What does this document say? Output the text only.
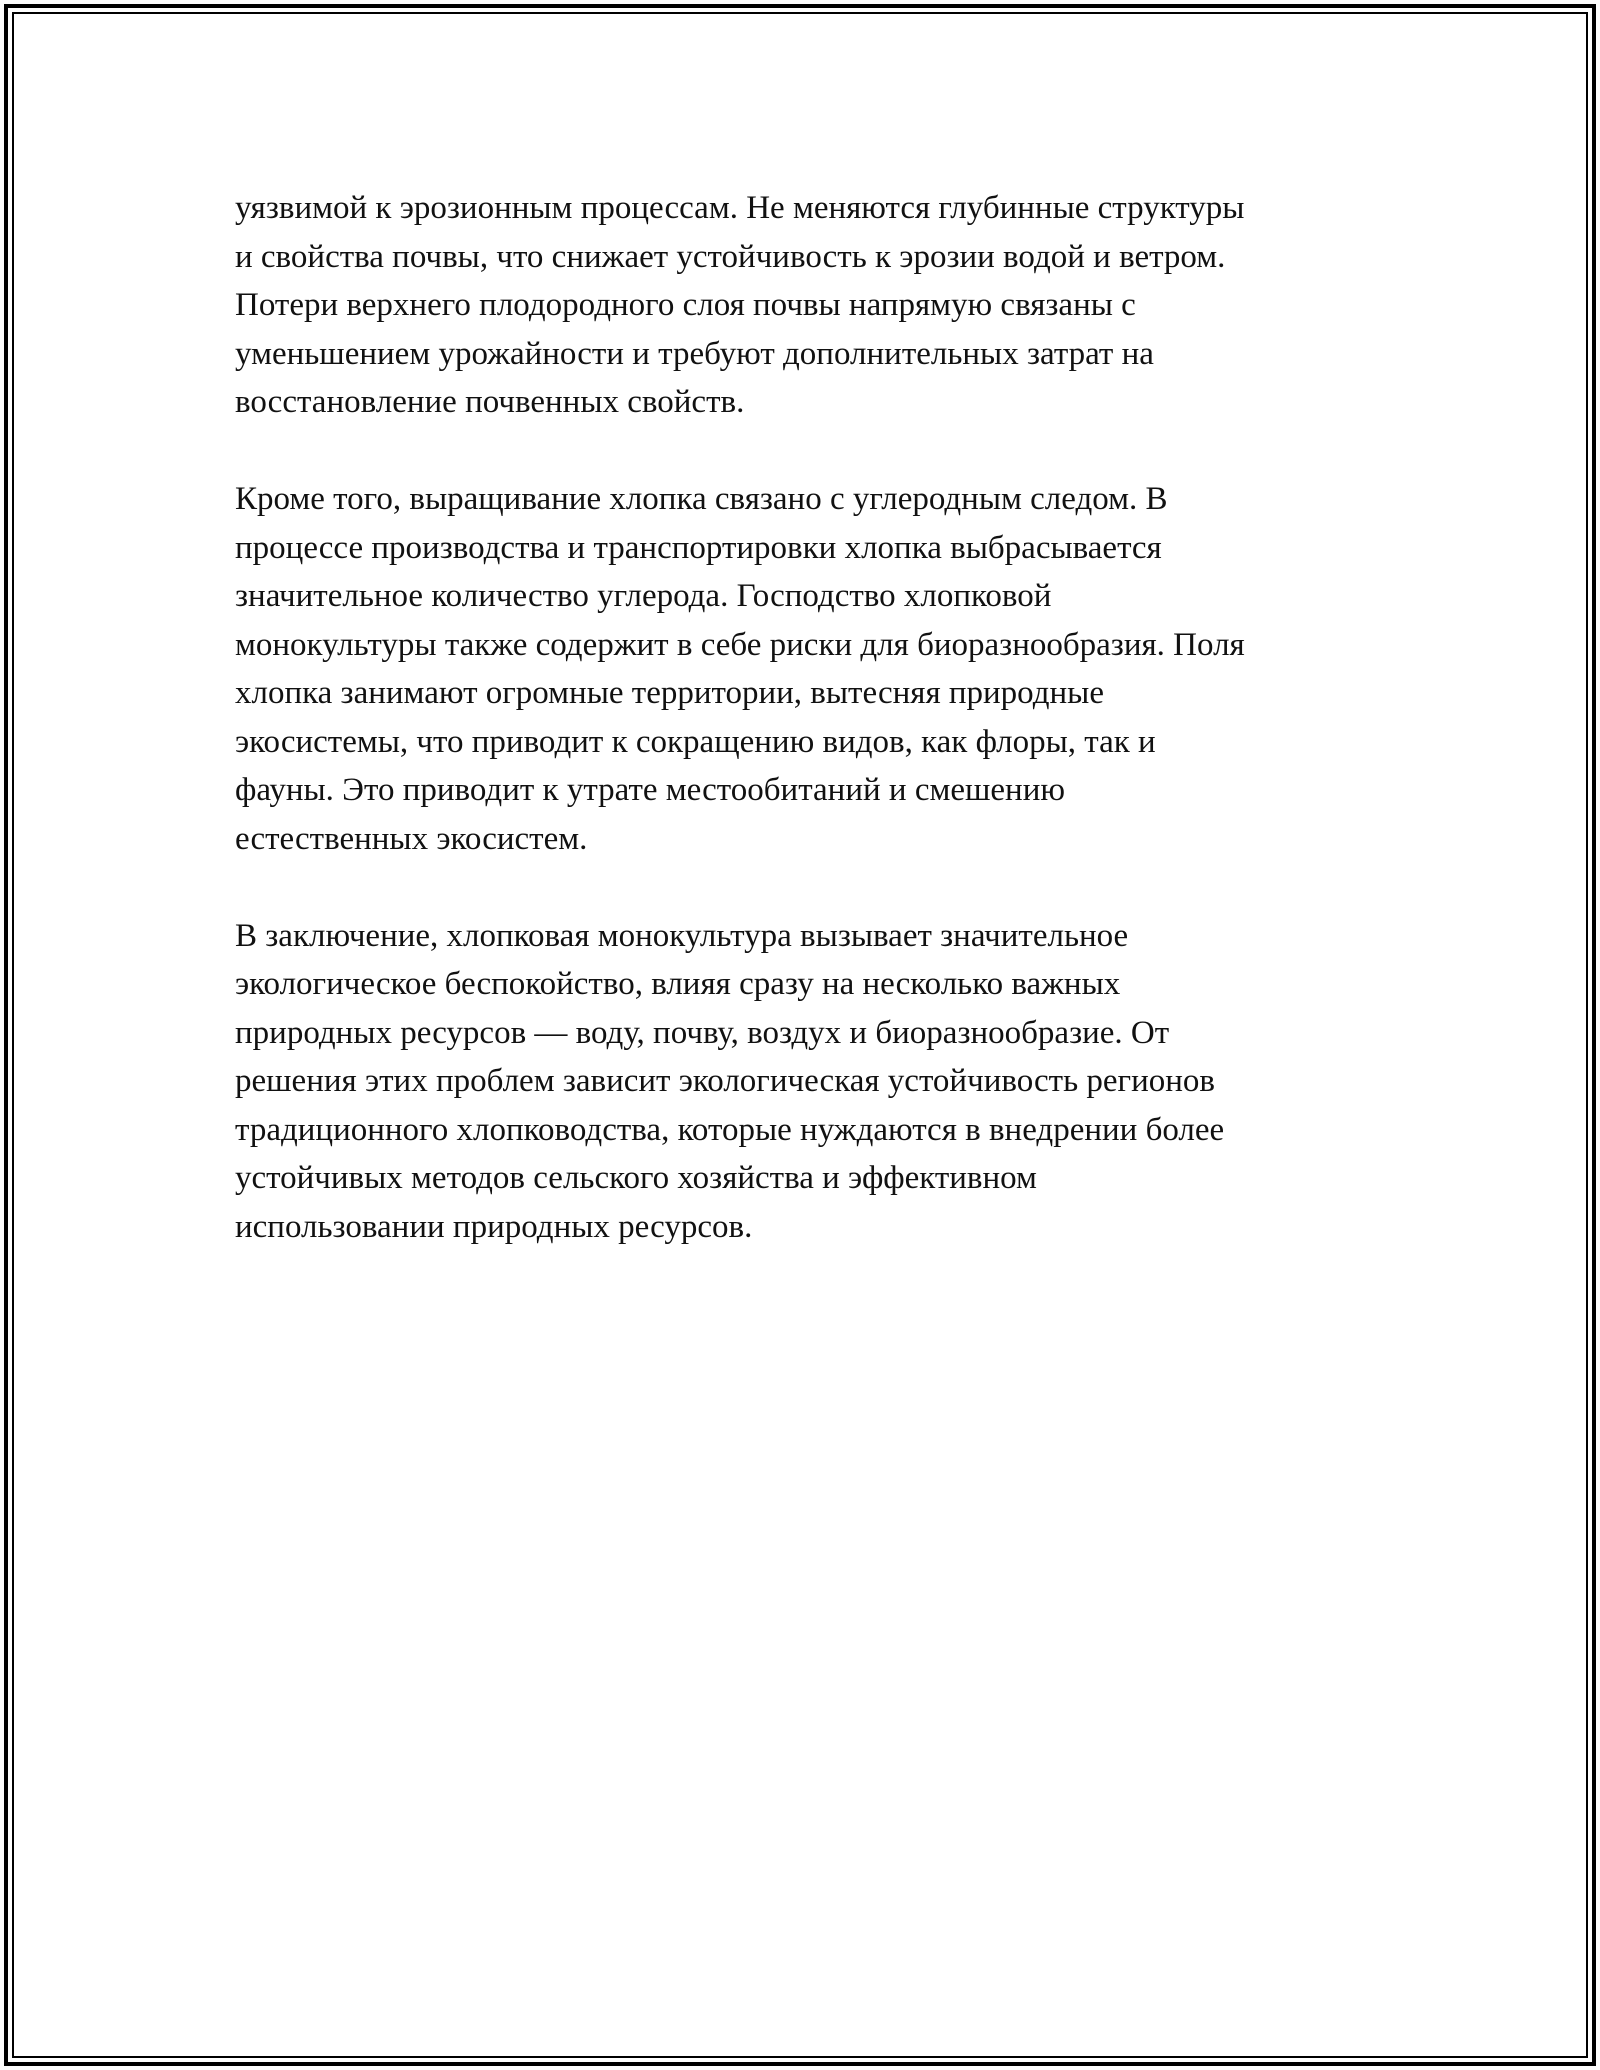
уязвимой к эрозионным процессам. Не меняются глубинные структуры
и свойства почвы, что снижает устойчивость к эрозии водой и ветром.
Потери верхнего плодородного слоя почвы напрямую связаны с
уменьшением урожайности и требуют дополнительных затрат на
восстановление почвенных свойств.

Кроме того, выращивание хлопка связано с углеродным следом. В
процессе производства и транспортировки хлопка выбрасывается
значительное количество углерода. Господство хлопковой
монокультуры также содержит в себе риски для биоразнообразия. Поля
хлопка занимают огромные территории, вытесняя природные
экосистемы, что приводит к сокращению видов, как флоры, так и
фауны. Это приводит к утрате местообитаний и смешению
естественных экосистем.

В заключение, хлопковая монокультура вызывает значительное
экологическое беспокойство, влияя сразу на несколько важных
природных ресурсов — воду, почву, воздух и биоразнообразие. От
решения этих проблем зависит экологическая устойчивость регионов
традиционного хлопководства, которые нуждаются в внедрении более
устойчивых методов сельского хозяйства и эффективном
использовании природных ресурсов.
